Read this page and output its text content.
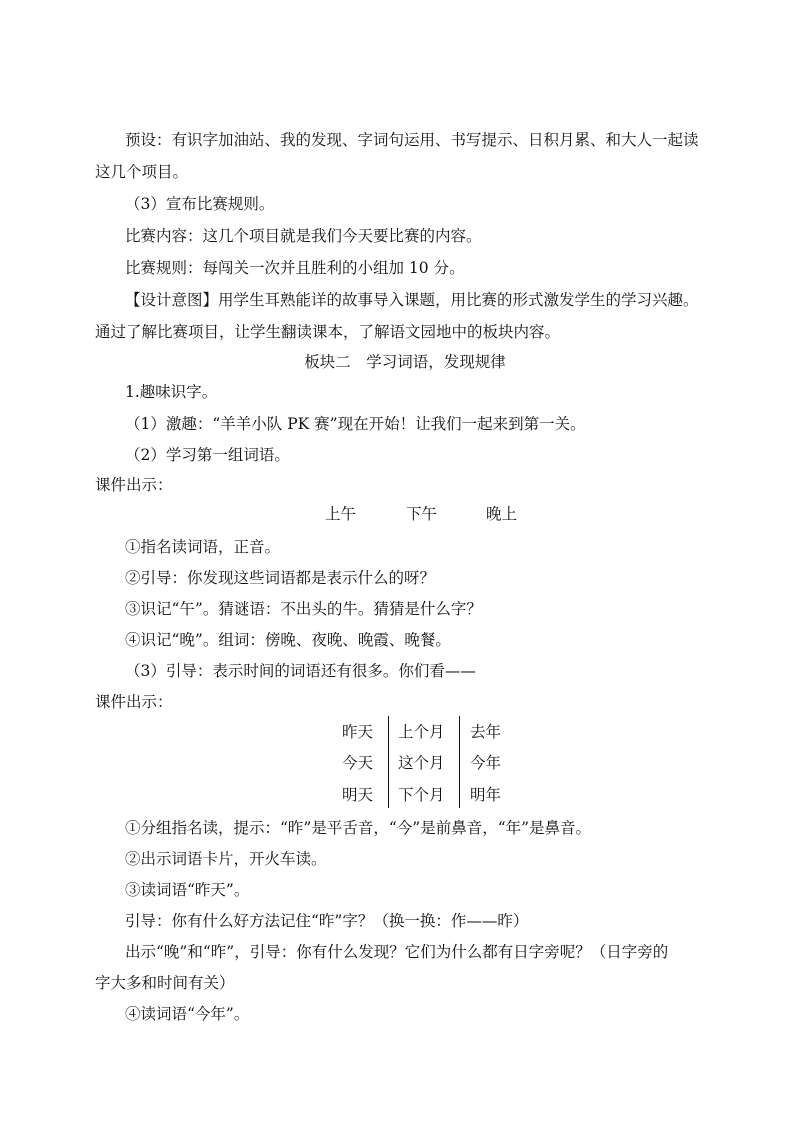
预设：有识字加油站、我的发现、字词句运用、书写提示、日积月累、和大人一起读
这几个项目。
（3）宣布比赛规则。
比赛内容：这几个项目就是我们今天要比赛的内容。
比赛规则：每闯关一次并且胜利的小组加 10 分。
【设计意图】用学生耳熟能详的故事导入课题，用比赛的形式激发学生的学习兴趣。
通过了解比赛项目，让学生翻读课本，了解语文园地中的板块内容。
板块二　学习词语，发现规律
1.趣味识字。
（1）激趣：“羊羊小队 PK 赛”现在开始！让我们一起来到第一关。
（2）学习第一组词语。
课件出示：
上午	下午	晚上
①指名读词语，正音。
②引导：你发现这些词语都是表示什么的呀？
③识记“午”。猜谜语：不出头的牛。猜猜是什么字？
④识记“晚”。组词：傍晚、夜晚、晚霞、晚餐。
（3）引导：表示时间的词语还有很多。你们看——
课件出示：
昨天
今天
明天
上个月
这个月
下个月
去年
今年
明年
①分组指名读，提示：“昨”是平舌音，“今”是前鼻音，“年”是鼻音。
②出示词语卡片，开火车读。
③读词语“昨天”。
引导：你有什么好方法记住“昨”字？（换一换：作——昨）
出示“晚”和“昨”，引导：你有什么发现？它们为什么都有日字旁呢？（日字旁的
字大多和时间有关）
④读词语“今年”。
